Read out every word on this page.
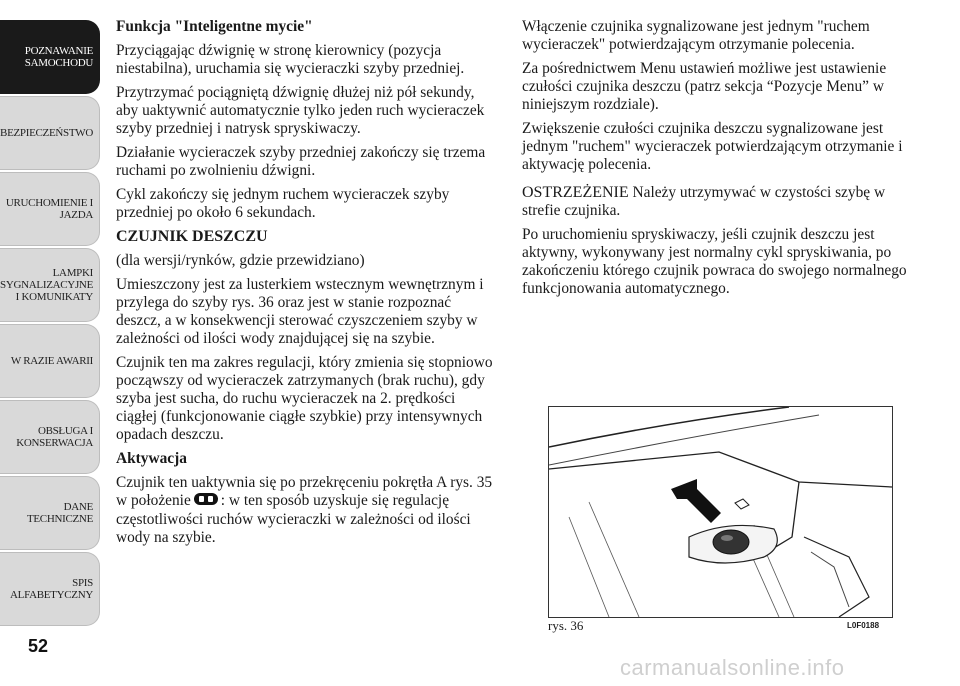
POZNAWANIE
SAMOCHODU
BEZPIECZEŃSTWO
URUCHOMIENIE I
JAZDA
LAMPKI
SYGNALIZACYJNE
I KOMUNIKATY
W RAZIE AWARII
OBSŁUGA I
KONSERWACJA
DANE
TECHNICZNE
SPIS
ALFABETYCZNY
52

Funkcja "Inteligentne mycie"

Przyciągając dźwignię w stronę kierownicy (pozycja niestabilna), uruchamia się wycieraczki szyby przedniej.

Przytrzymać pociągniętą dźwignię dłużej niż pół sekundy, aby uaktywnić automatycznie tylko jeden ruch wycieraczek szyby przedniej i natrysk spryskiwaczy.

Działanie wycieraczek szyby przedniej zakończy się trzema ruchami po zwolnieniu dźwigni.

Cykl zakończy się jednym ruchem wycieraczek szyby przedniej po około 6 sekundach.

CZUJNIK DESZCZU

(dla wersji/rynków, gdzie przewidziano)

Umieszczony jest za lusterkiem wstecznym wewnętrznym i przylega do szyby rys. 36 oraz jest w stanie rozpoznać deszcz, a w konsekwencji sterować czyszczeniem szyby w zależności od ilości wody znajdującej się na szybie.

Czujnik ten ma zakres regulacji, który zmienia się stopniowo począwszy od wycieraczek zatrzymanych (brak ruchu), gdy szyba jest sucha, do ruchu wycieraczek na 2. prędkości ciągłej (funkcjonowanie ciągłe szybkie) przy intensywnych opadach deszczu.

Aktywacja

Czujnik ten uaktywnia się po przekręceniu pokrętła A rys. 35 w położenie : w ten sposób uzyskuje się regulację częstotliwości ruchów wycieraczki w zależności od ilości wody na szybie.

Włączenie czujnika sygnalizowane jest jednym "ruchem wycieraczek" potwierdzającym otrzymanie polecenia.

Za pośrednictwem Menu ustawień możliwe jest ustawienie czułości czujnika deszczu (patrz sekcja “Pozycje Menu” w niniejszym rozdziale).

Zwiększenie czułości czujnika deszczu sygnalizowane jest jednym "ruchem" wycieraczek potwierdzającym otrzymanie i aktywację polecenia.

OSTRZEŻENIE Należy utrzymywać w czystości szybę w strefie czujnika.

Po uruchomieniu spryskiwaczy, jeśli czujnik deszczu jest aktywny, wykonywany jest normalny cykl spryskiwania, po zakończeniu którego czujnik powraca do swojego normalnego funkcjonowania automatycznego.

rys. 36	L0F0188
carmanualsonline.info
